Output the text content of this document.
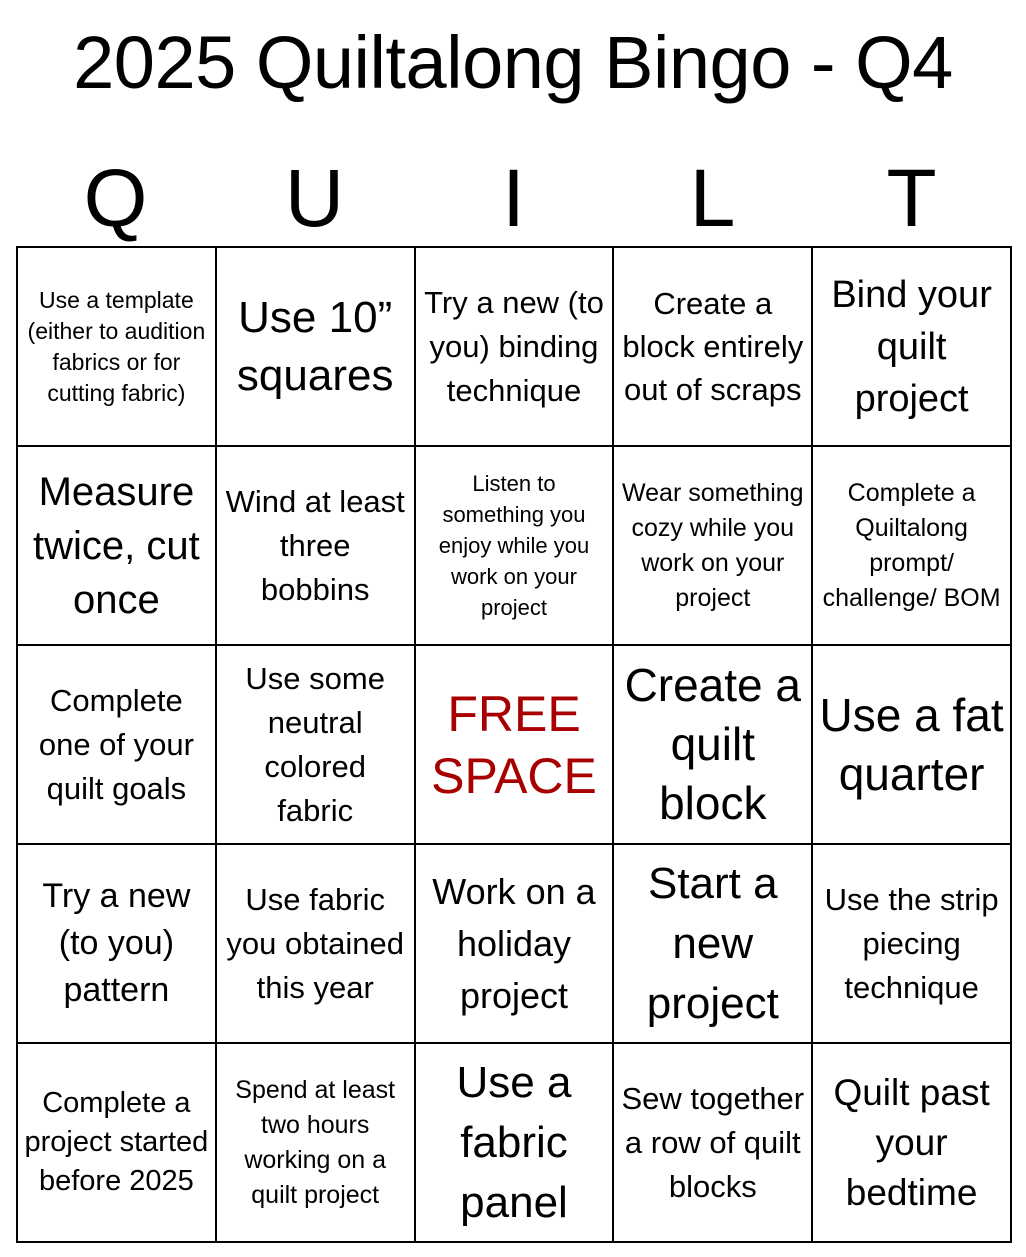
2025 Quiltalong Bingo - Q4
Q	U	I	L	T
Use a template (either to audition fabrics or for cutting fabric)
Use 10” squares
Try a new (to you) binding technique
Create a block entirely out of scraps
Bind your quilt project
Measure twice, cut once
Wind at least three bobbins
Listen to something you enjoy while you work on your project
Wear something cozy while you work on your project
Complete a Quiltalong prompt/ challenge/ BOM
Complete one of your quilt goals
Use some neutral colored fabric
FREE SPACE
Create a quilt block
Use a fat quarter
Try a new (to you) pattern
Use fabric you obtained this year
Work on a holiday project
Start a new project
Use the strip piecing technique
Complete a project started before 2025
Spend at least two hours working on a quilt project
Use a fabric panel
Sew together a row of quilt blocks
Quilt past your bedtime
